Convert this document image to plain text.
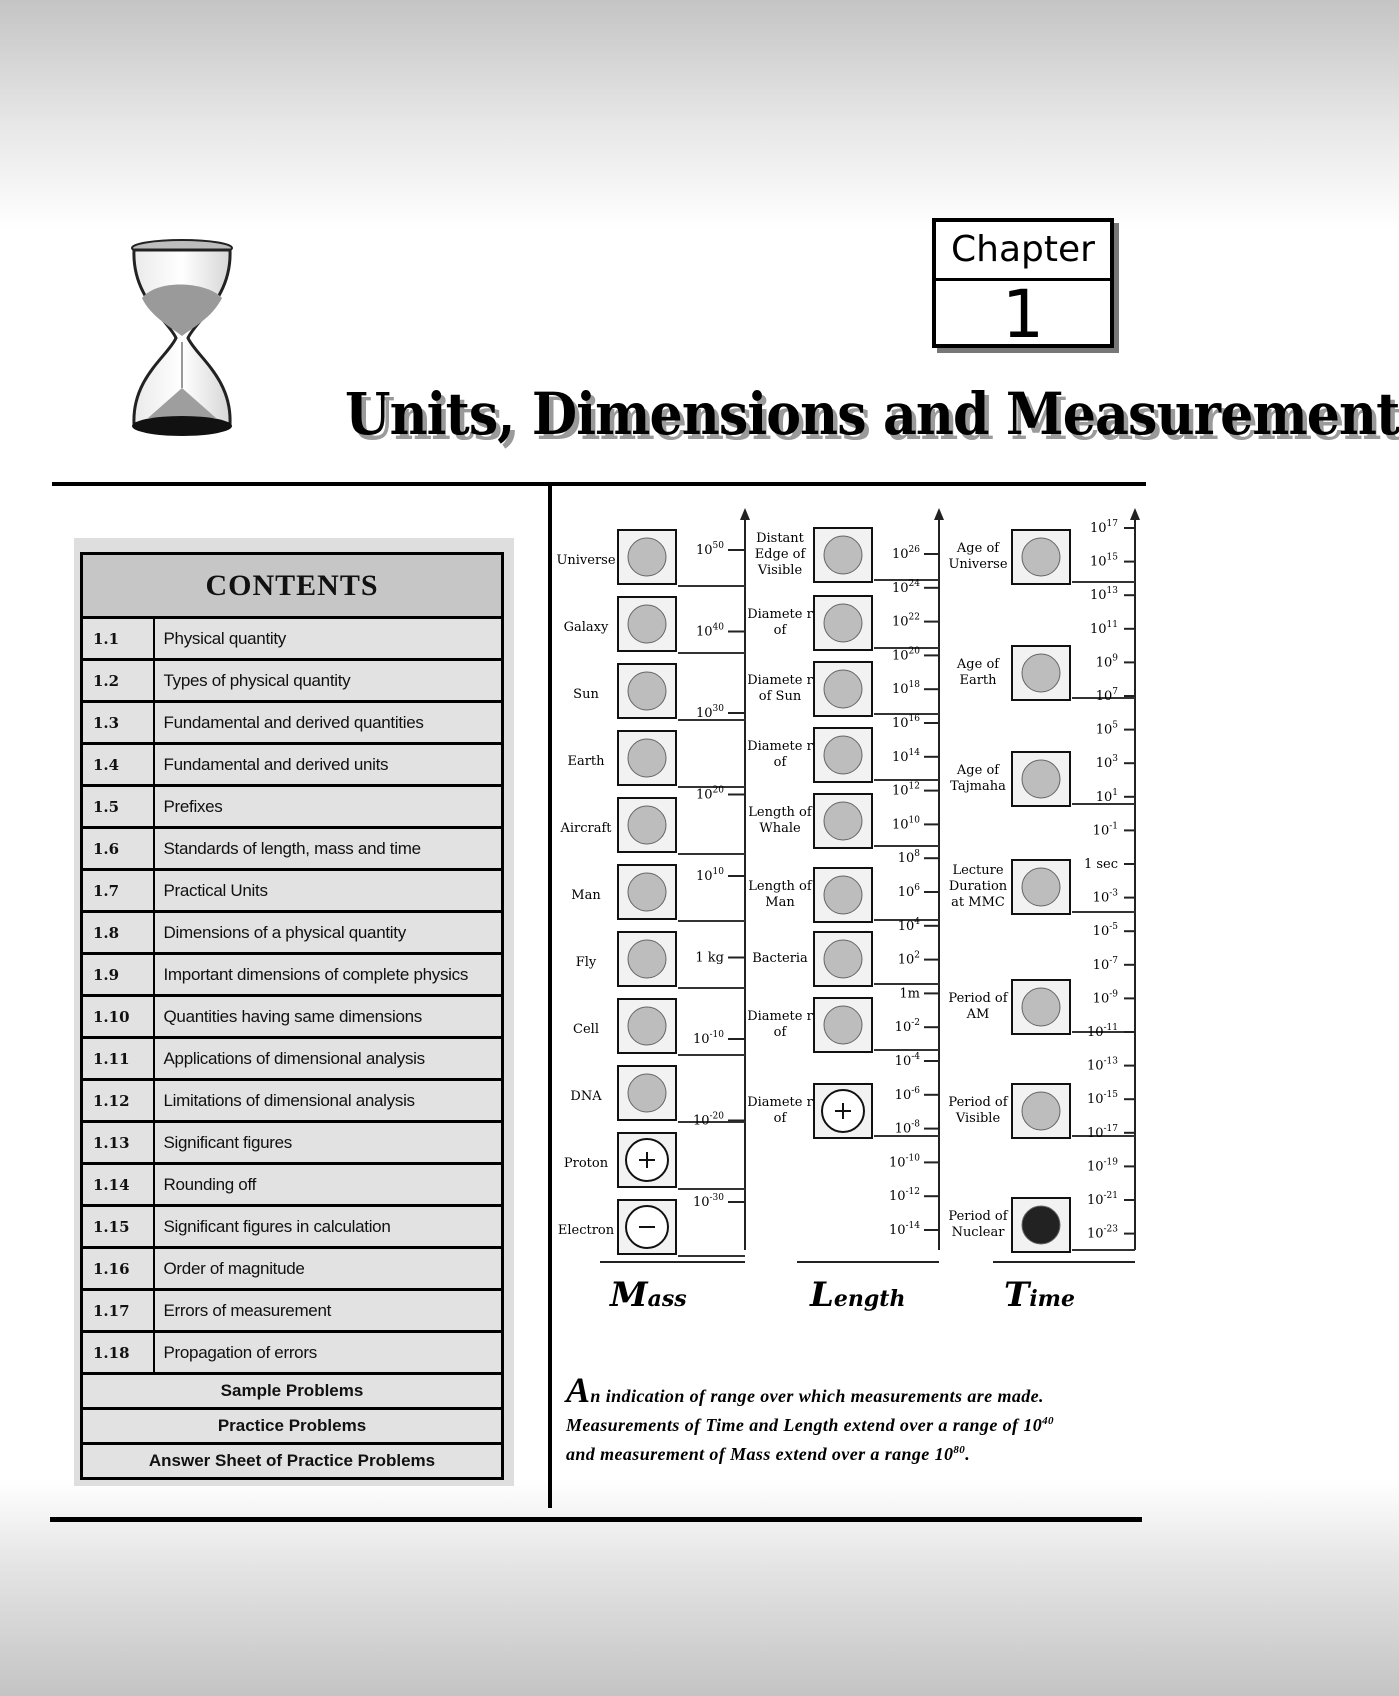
Chapter
1
Units, Dimensions and Measurement
CONTENTS	
1.1	Physical quantity
1.2	Types of physical quantity
1.3	Fundamental and derived quantities
1.4	Fundamental and derived units
1.5	Prefixes
1.6	Standards of length, mass and time
1.7	Practical Units
1.8	Dimensions of a physical quantity
1.9	Important dimensions of complete physics
1.10	Quantities having same dimensions
1.11	Applications of dimensional analysis
1.12	Limitations of dimensional analysis
1.13	Significant figures
1.14	Rounding off
1.15	Significant figures in calculation
1.16	Order of magnitude
1.17	Errors of measurement
1.18	Propagation of errors
Sample Problems	
Practice Problems	
Answer Sheet of Practice Problems	
Universe
Galaxy
Sun
Earth
Aircraft
Man
Fly
Cell
DNA
Proton
Electron
$10^{50}$
$10^{40}$
$10^{30}$
$10^{20}$
$10^{10}$
1 kg
$10^{-10}$
$10^{-20}$
$10^{-30}$
Distant Edge of Visible
Diamete r of
Diamete r of Sun
Diamete r of
Length of Whale
Length of Man
Bacteria
Diamete r of
Diamete r of
$10^{26}$
$10^{24}$
$10^{22}$
$10^{20}$
$10^{18}$
$10^{16}$
$10^{14}$
$10^{12}$
$10^{10}$
$10^8$
$10^6$
$10^4$
$10^2$
1m
$10^{-2}$
$10^{-4}$
$10^{-6}$
$10^{-8}$
$10^{-10}$
$10^{-12}$
$10^{-14}$
Age of Universe
Age of Earth
Age of Tajmaha
Lecture Duration at MMC
Period of AM
Period of Visible
Period of Nuclear
$10^{17}$
$10^{15}$
$10^{13}$
$10^{11}$
$10^9$
$10^7$
$10^5$
$10^3$
$10^1$
$10^{-1}$
1 sec
$10^{-3}$
$10^{-5}$
$10^{-7}$
$10^{-9}$
$10^{-11}$
$10^{-13}$
$10^{-15}$
$10^{-17}$
$10^{-19}$
$10^{-21}$
$10^{-23}$
Mass	Length	Time
An indication of range over which measurements are made.
Measurements of Time and Length extend over a range of $10^{40}$
and measurement of Mass extend over a range $10^{80}$.
